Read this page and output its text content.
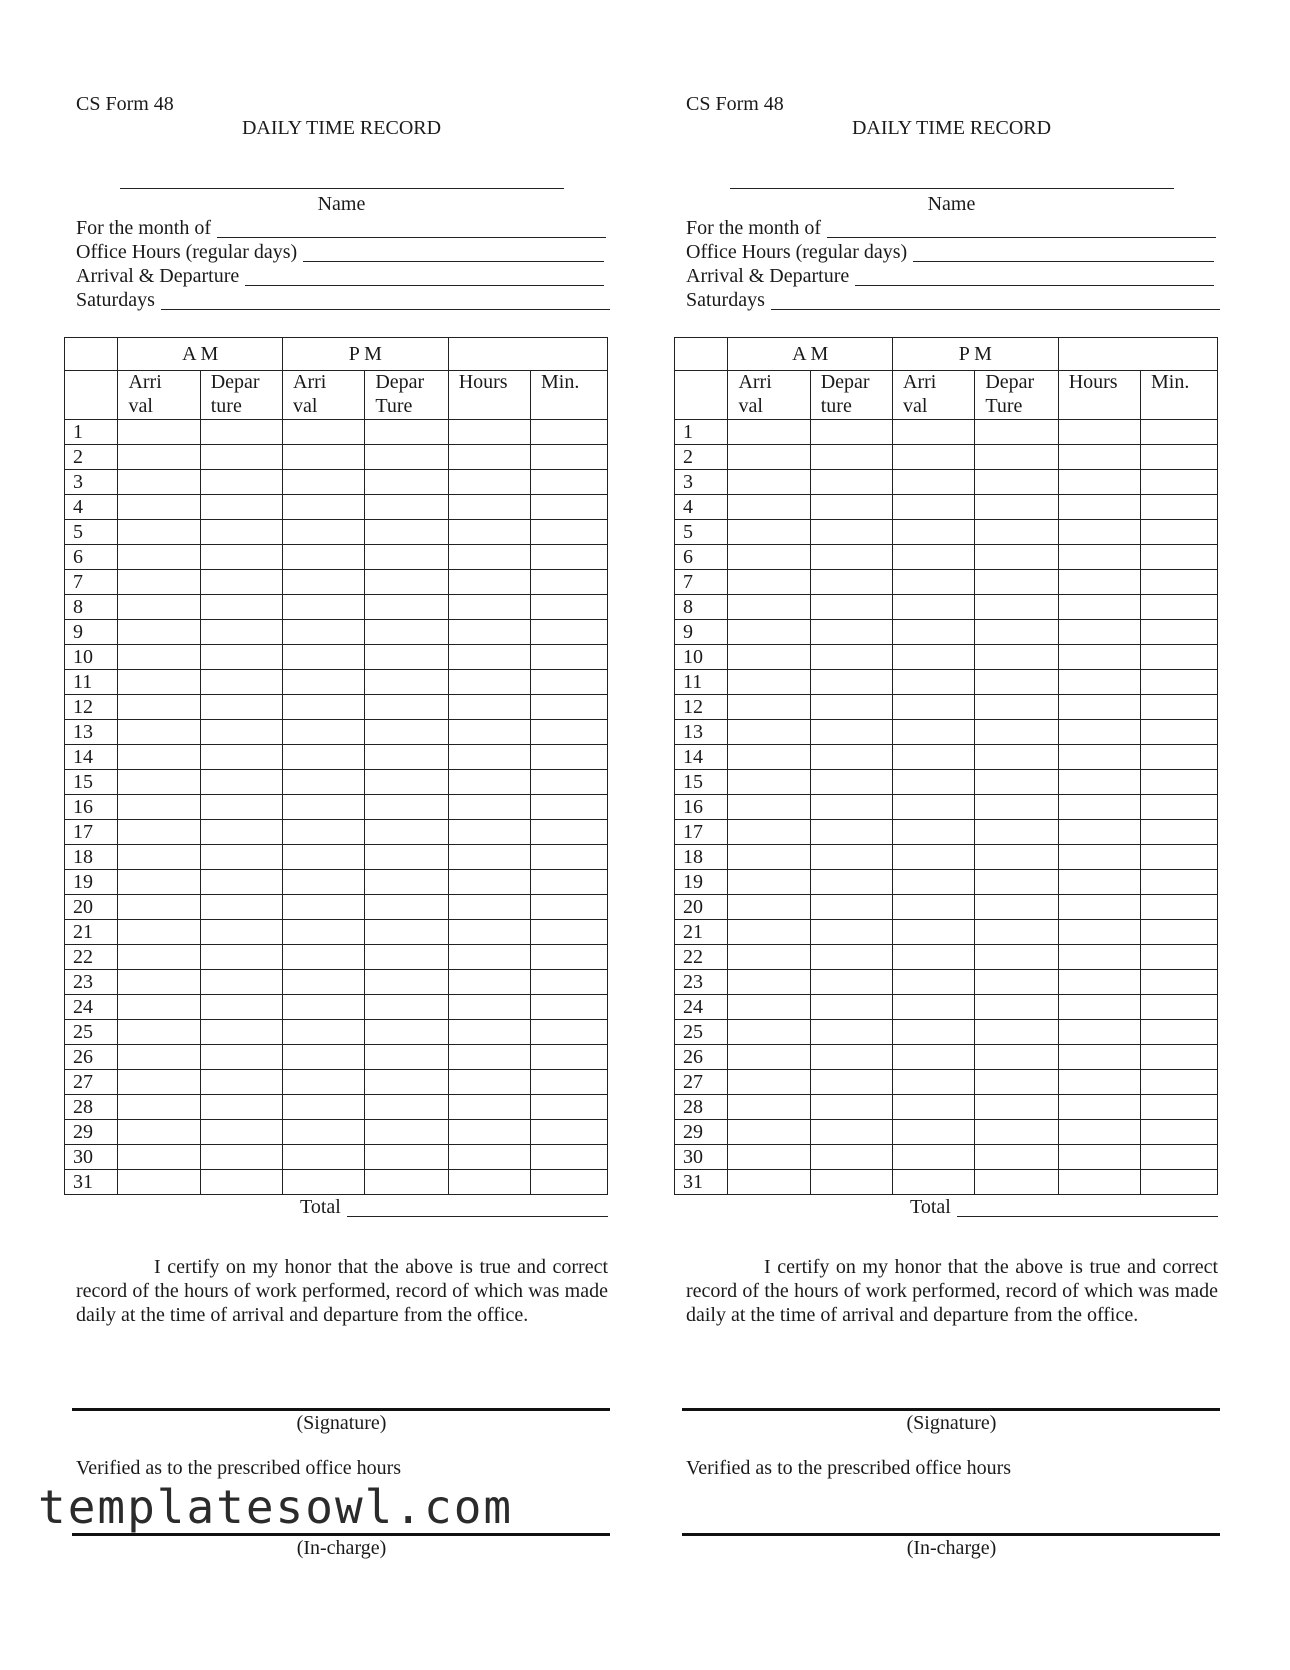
CS Form 48
DAILY TIME RECORD
Name
For the month of
Office Hours (regular days)
Arrival & Departure
Saturdays
	A M		P M			
	Arri	Depar	Arri	Depar	Hours	Min.
	val	ture	val	Ture		
1						
2						
3						
4						
5						
6						
7						
8						
9						
10						
11						
12						
13						
14						
15						
16						
17						
18						
19						
20						
21						
22						
23						
24						
25						
26						
27						
28						
29						
30						
31						
Total
I certify on my honor that the above is true and correct record of the hours of work performed, record of which was made daily at the time of arrival and departure from the office.
(Signature)
Verified as to the prescribed office hours
(In-charge)
CS Form 48
DAILY TIME RECORD
Name
For the month of
Office Hours (regular days)
Arrival & Departure
Saturdays
	A M		P M			
	Arri	Depar	Arri	Depar	Hours	Min.
	val	ture	val	Ture		
1						
2						
3						
4						
5						
6						
7						
8						
9						
10						
11						
12						
13						
14						
15						
16						
17						
18						
19						
20						
21						
22						
23						
24						
25						
26						
27						
28						
29						
30						
31						
Total
I certify on my honor that the above is true and correct record of the hours of work performed, record of which was made daily at the time of arrival and departure from the office.
(Signature)
Verified as to the prescribed office hours
(In-charge)
templatesowl.com
